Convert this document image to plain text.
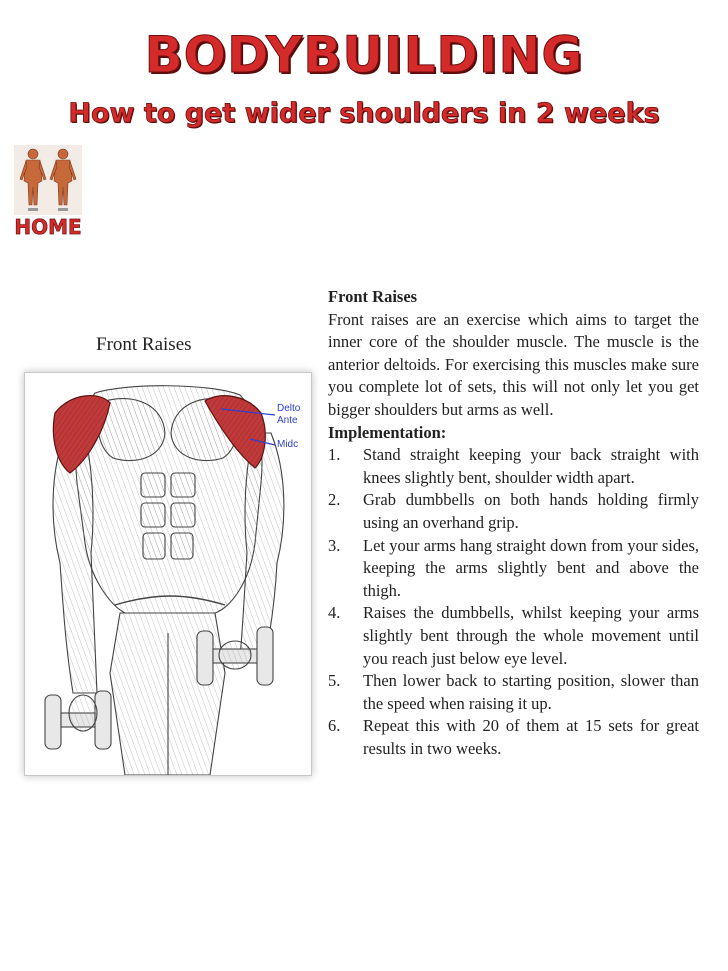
BODYBUILDING
How to get wider shoulders in 2 weeks
HOME
Front Raises
Delto
Ante
Midc

Front Raises

Front raises are an exercise which aims to target the inner core of the shoulder muscle. The muscle is the anterior deltoids. For exercising this muscles make sure you complete lot of sets, this will not only let you get bigger shoulders but arms as well.

Implementation:

1. Stand straight keeping your back straight with knees slightly bent, shoulder width apart.
2. Grab dumbbells on both hands holding firmly using an overhand grip.
3. Let your arms hang straight down from your sides, keeping the arms slightly bent and above the thigh.
4. Raises the dumbbells, whilst keeping your arms slightly bent through the whole movement until you reach just below eye level.
5. Then lower back to starting position, slower than the speed when raising it up.
6. Repeat this with 20 of them at 15 sets for great results in two weeks.
